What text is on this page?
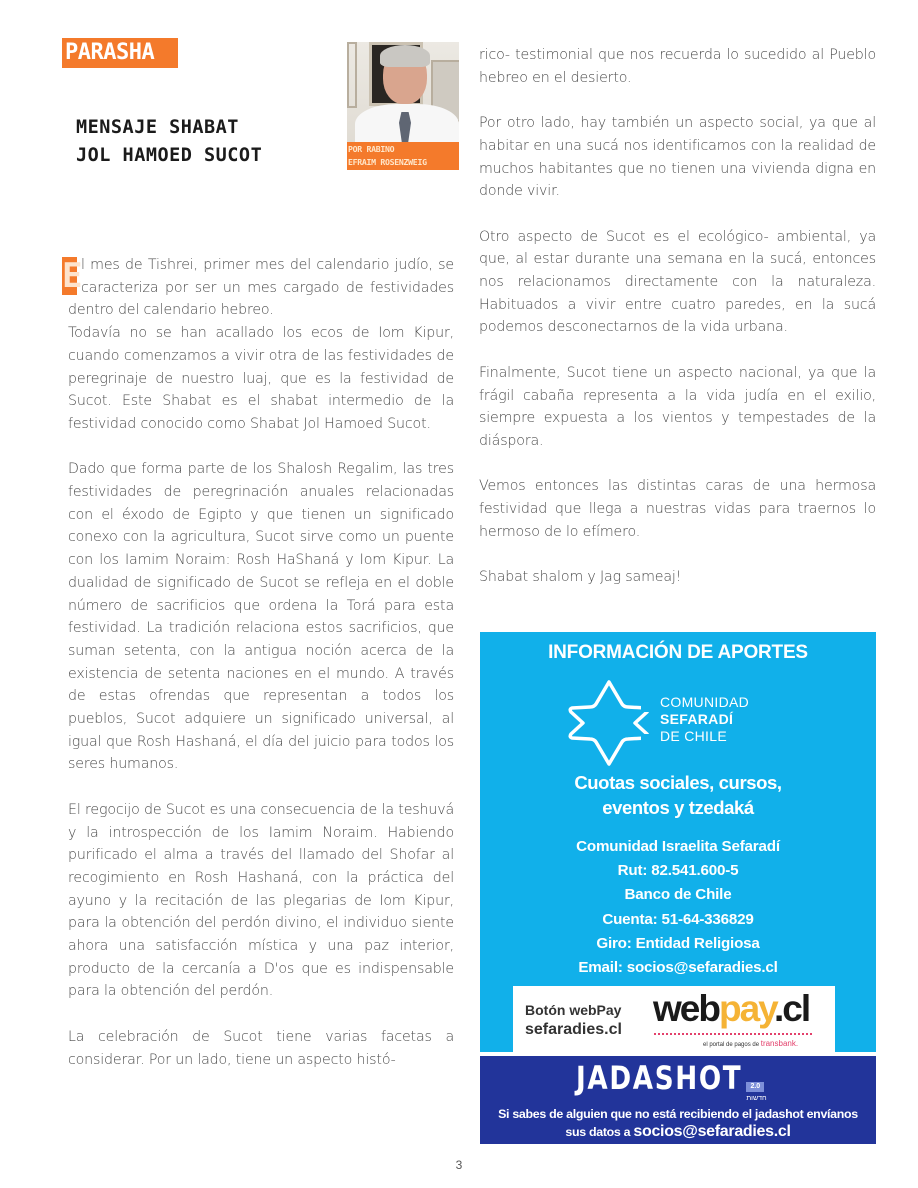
PARASHA
MENSAJE SHABAT
JOL HAMOED SUCOT	POR RABINO
EFRAIM ROSENZWEIG

E
l mes de Tishrei, primer mes del calendario judío, se caracteriza por ser un mes cargado de festividades dentro del calendario hebreo.

Todavía no se han acallado los ecos de Iom Kipur, cuando comenzamos a vivir otra de las festividades de peregrinaje de nuestro luaj, que es la festividad de Sucot. Este Shabat es el shabat intermedio de la festividad conocido como Shabat Jol Hamoed Sucot.

Dado que forma parte de los Shalosh Regalim, las tres festividades de peregrinación anuales relacionadas con el éxodo de Egipto y que tienen un significado conexo con la agricultura, Sucot sirve como un puente con los Iamim Noraim: Rosh HaShaná y Iom Kipur. La dualidad de significado de Sucot se refleja en el doble número de sacrificios que ordena la Torá para esta festividad. La tradición relaciona estos sacrificios, que suman setenta, con la antigua noción acerca de la existencia de setenta naciones en el mundo. A través de estas ofrendas que representan a todos los pueblos, Sucot adquiere un significado universal, al igual que Rosh Hashaná, el día del juicio para todos los seres humanos.

El regocijo de Sucot es una consecuencia de la teshuvá y la introspección de los Iamim Noraim. Habiendo purificado el alma a través del llamado del Shofar al recogimiento en Rosh Hashaná, con la práctica del ayuno y la recitación de las plegarias de Iom Kipur, para la obtención del perdón divino, el individuo siente ahora una satisfacción mística y una paz interior, producto de la cercanía a D'os que es indispensable para la obtención del perdón.

La celebración de Sucot tiene varias facetas a considerar. Por un lado, tiene un aspecto histó-

rico- testimonial que nos recuerda lo sucedido al Pueblo hebreo en el desierto.

Por otro lado, hay también un aspecto social, ya que al habitar en una sucá nos identificamos con la realidad de muchos habitantes que no tienen una vivienda digna en donde vivir.

Otro aspecto de Sucot es el ecológico- ambiental, ya que, al estar durante una semana en la sucá, entonces nos relacionamos directamente con la naturaleza. Habituados a vivir entre cuatro paredes, en la sucá podemos desconectarnos de la vida urbana.

Finalmente, Sucot tiene un aspecto nacional, ya que la frágil cabaña representa a la vida judía en el exilio, siempre expuesta a los vientos y tempestades de la diáspora.

Vemos entonces las distintas caras de una hermosa festividad que llega a nuestras vidas para traernos lo hermoso de lo efímero.

Shabat shalom y Jag sameaj!

INFORMACIÓN DE APORTES
COMUNIDAD
SEFARADÍ
DE CHILE
Cuotas sociales, cursos,
eventos y tzedaká
Comunidad Israelita Sefaradí
Rut: 82.541.600-5
Banco de Chile
Cuenta: 51-64-336829
Giro: Entidad Religiosa
Email: socios@sefaradies.cl
Botón webPay
sefaradies.cl
webpay.cl
el portal de pagos de transbank.
JADASHOT	2.0
חדשות
Si sabes de alguien que no está recibiendo el jadashot envíanos
sus datos a socios@sefaradies.cl
3
